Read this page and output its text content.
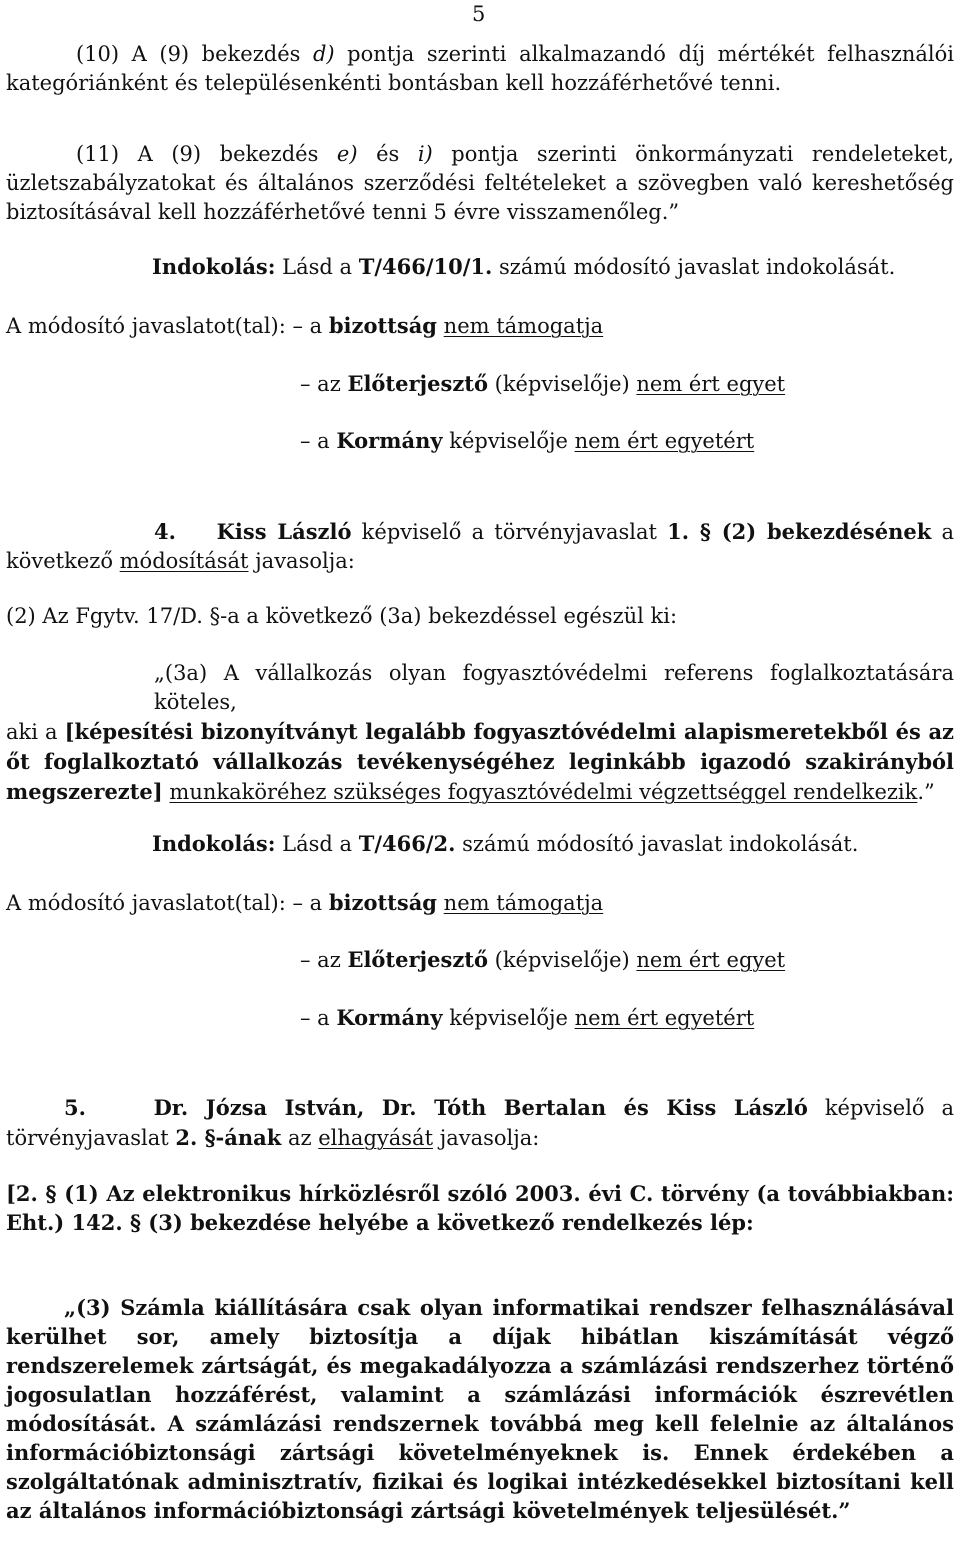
5
(10) A (9) bekezdés d) pontja szerinti alkalmazandó díj mértékét felhasználói
kategóriánként és településenkénti bontásban kell hozzáférhetővé tenni.
(11) A (9) bekezdés e) és i) pontja szerinti önkormányzati rendeleteket, üzletszabályzatokat és általános szerződési feltételeket a szövegben való kereshetőség biztosításával kell hozzáférhetővé tenni 5 évre visszamenőleg.”
Indokolás: Lásd a T/466/10/1. számú módosító javaslat indokolását.
A módosító javaslatot(tal): – a bizottság nem támogatja
– az Előterjesztő (képviselője) nem ért egyet
– a Kormány képviselője nem ért egyetért
4. Kiss László képviselő a törvényjavaslat 1. § (2) bekezdésének a
következő módosítását javasolja:
(2) Az Fgytv. 17/D. §-a a következő (3a) bekezdéssel egészül ki:
„(3a) A vállalkozás olyan fogyasztóvédelmi referens foglalkoztatására köteles,
aki a [képesítési bizonyítványt legalább fogyasztóvédelmi alapismeretekből és az őt foglalkoztató vállalkozás tevékenységéhez leginkább igazodó szakirányból megszerezte] munkaköréhez szükséges fogyasztóvédelmi végzettséggel rendelkezik.”
Indokolás: Lásd a T/466/2. számú módosító javaslat indokolását.
A módosító javaslatot(tal): – a bizottság nem támogatja
– az Előterjesztő (képviselője) nem ért egyet
– a Kormány képviselője nem ért egyetért
5.	Dr. Józsa István, Dr. Tóth Bertalan és Kiss László képviselő a
törvényjavaslat 2. §-ának az elhagyását javasolja:
[2. § (1) Az elektronikus hírközlésről szóló 2003. évi C. törvény (a továbbiakban: Eht.) 142. § (3) bekezdése helyébe a következő rendelkezés lép:
„(3) Számla kiállítására csak olyan informatikai rendszer felhasználásával kerülhet sor, amely biztosítja a díjak hibátlan kiszámítását végző rendszerelemek zártságát, és megakadályozza a számlázási rendszerhez történő jogosulatlan hozzáférést, valamint a számlázási információk észrevétlen módosítását. A számlázási rendszernek továbbá meg kell felelnie az általános információbiztonsági zártsági követelményeknek is. Ennek érdekében a szolgáltatónak adminisztratív, fizikai és logikai intézkedésekkel biztosítani kell az általános információbiztonsági zártsági követelmények teljesülését.”
